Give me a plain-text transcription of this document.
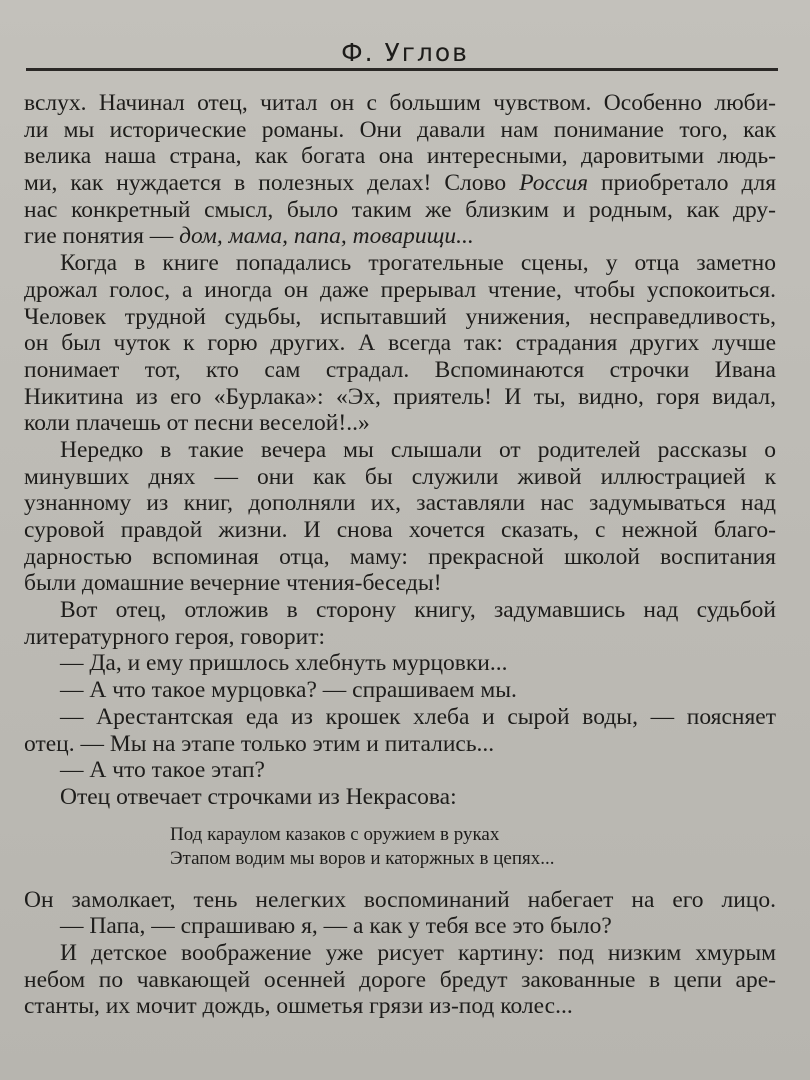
Ф. Углов
вслух. Начинал отец, читал он с большим чувством. Особенно люби-
ли мы исторические романы. Они давали нам понимание того, как
велика наша страна, как богата она интересными, даровитыми людь-
ми, как нуждается в полезных делах! Слово Россия приобретало для
нас конкретный смысл, было таким же близким и родным, как дру-
гие понятия — дом, мама, папа, товарищи...
Когда в книге попадались трогательные сцены, у отца заметно
дрожал голос, а иногда он даже прерывал чтение, чтобы успокоиться.
Человек трудной судьбы, испытавший унижения, несправедливость,
он был чуток к горю других. А всегда так: страдания других лучше
понимает тот, кто сам страдал. Вспоминаются строчки Ивана
Никитина из его «Бурлака»: «Эх, приятель! И ты, видно, горя видал,
коли плачешь от песни веселой!..»
Нередко в такие вечера мы слышали от родителей рассказы о
минувших днях — они как бы служили живой иллюстрацией к
узнанному из книг, дополняли их, заставляли нас задумываться над
суровой правдой жизни. И снова хочется сказать, с нежной благо-
дарностью вспоминая отца, маму: прекрасной школой воспитания
были домашние вечерние чтения-беседы!
Вот отец, отложив в сторону книгу, задумавшись над судьбой
литературного героя, говорит:
— Да, и ему пришлось хлебнуть мурцовки...
— А что такое мурцовка? — спрашиваем мы.
— Арестантская еда из крошек хлеба и сырой воды, — поясняет
отец. — Мы на этапе только этим и питались...
— А что такое этап?
Отец отвечает строчками из Некрасова:
Под караулом казаков с оружием в руках
Этапом водим мы воров и каторжных в цепях...
Он замолкает, тень нелегких воспоминаний набегает на его лицо.
— Папа, — спрашиваю я, — а как у тебя все это было?
И детское воображение уже рисует картину: под низким хмурым
небом по чавкающей осенней дороге бредут закованные в цепи аре-
станты, их мочит дождь, ошметья грязи из-под колес...
